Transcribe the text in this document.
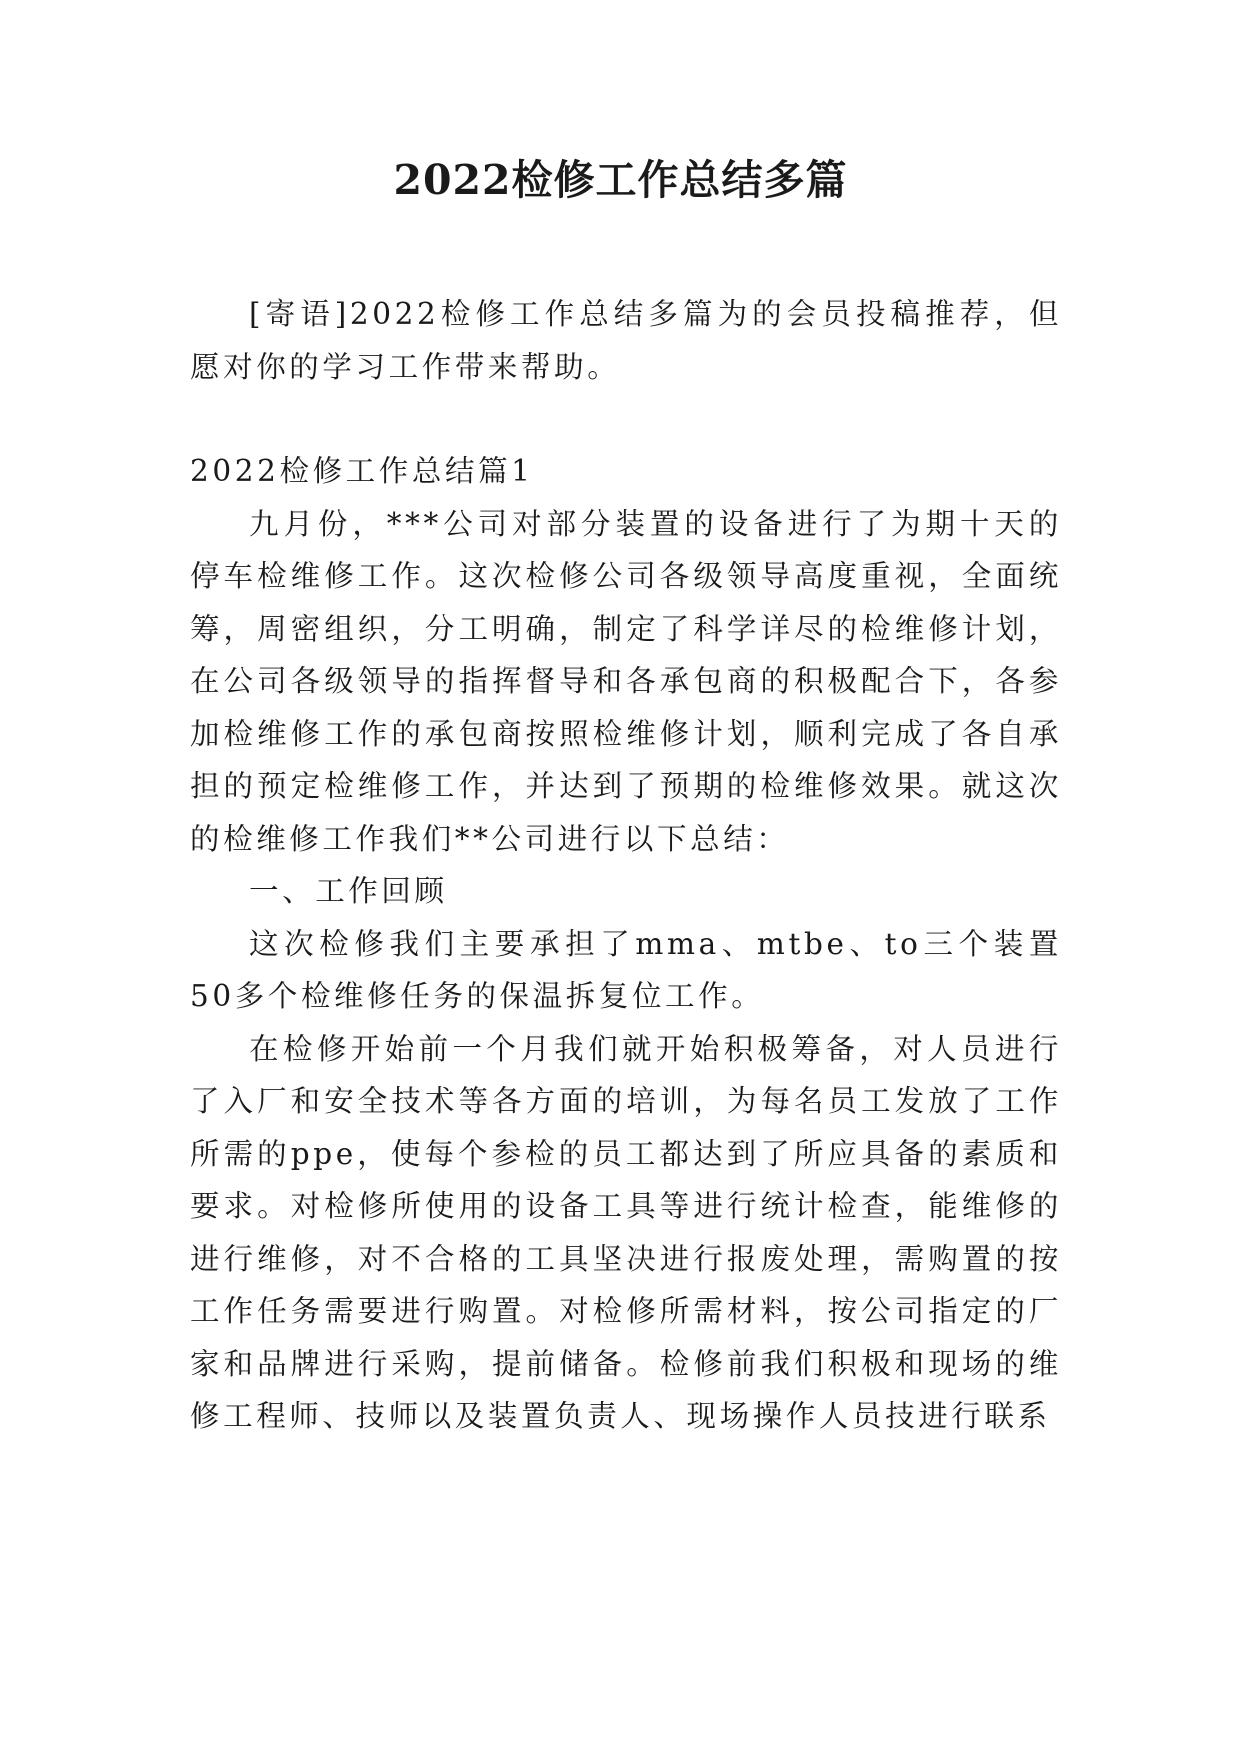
2022检修工作总结多篇

[寄语]2022检修工作总结多篇为的会员投稿推荐，但愿对你的学习工作带来帮助。

2022检修工作总结篇1

九月份，***公司对部分装置的设备进行了为期十天的停车检维修工作。这次检修公司各级领导高度重视，全面统筹，周密组织，分工明确，制定了科学详尽的检维修计划，在公司各级领导的指挥督导和各承包商的积极配合下，各参加检维修工作的承包商按照检维修计划，顺利完成了各自承担的预定检维修工作，并达到了预期的检维修效果。就这次的检维修工作我们**公司进行以下总结：

一、工作回顾

这次检修我们主要承担了mma、mtbe、to三个装置50多个检维修任务的保温拆复位工作。

在检修开始前一个月我们就开始积极筹备，对人员进行了入厂和安全技术等各方面的培训，为每名员工发放了工作所需的ppe，使每个参检的员工都达到了所应具备的素质和要求。对检修所使用的设备工具等进行统计检查，能维修的进行维修，对不合格的工具坚决进行报废处理，需购置的按工作任务需要进行购置。对检修所需材料，按公司指定的厂家和品牌进行采购，提前储备。检修前我们积极和现场的维修工程师、技师以及装置负责人、现场操作人员技进行联系
